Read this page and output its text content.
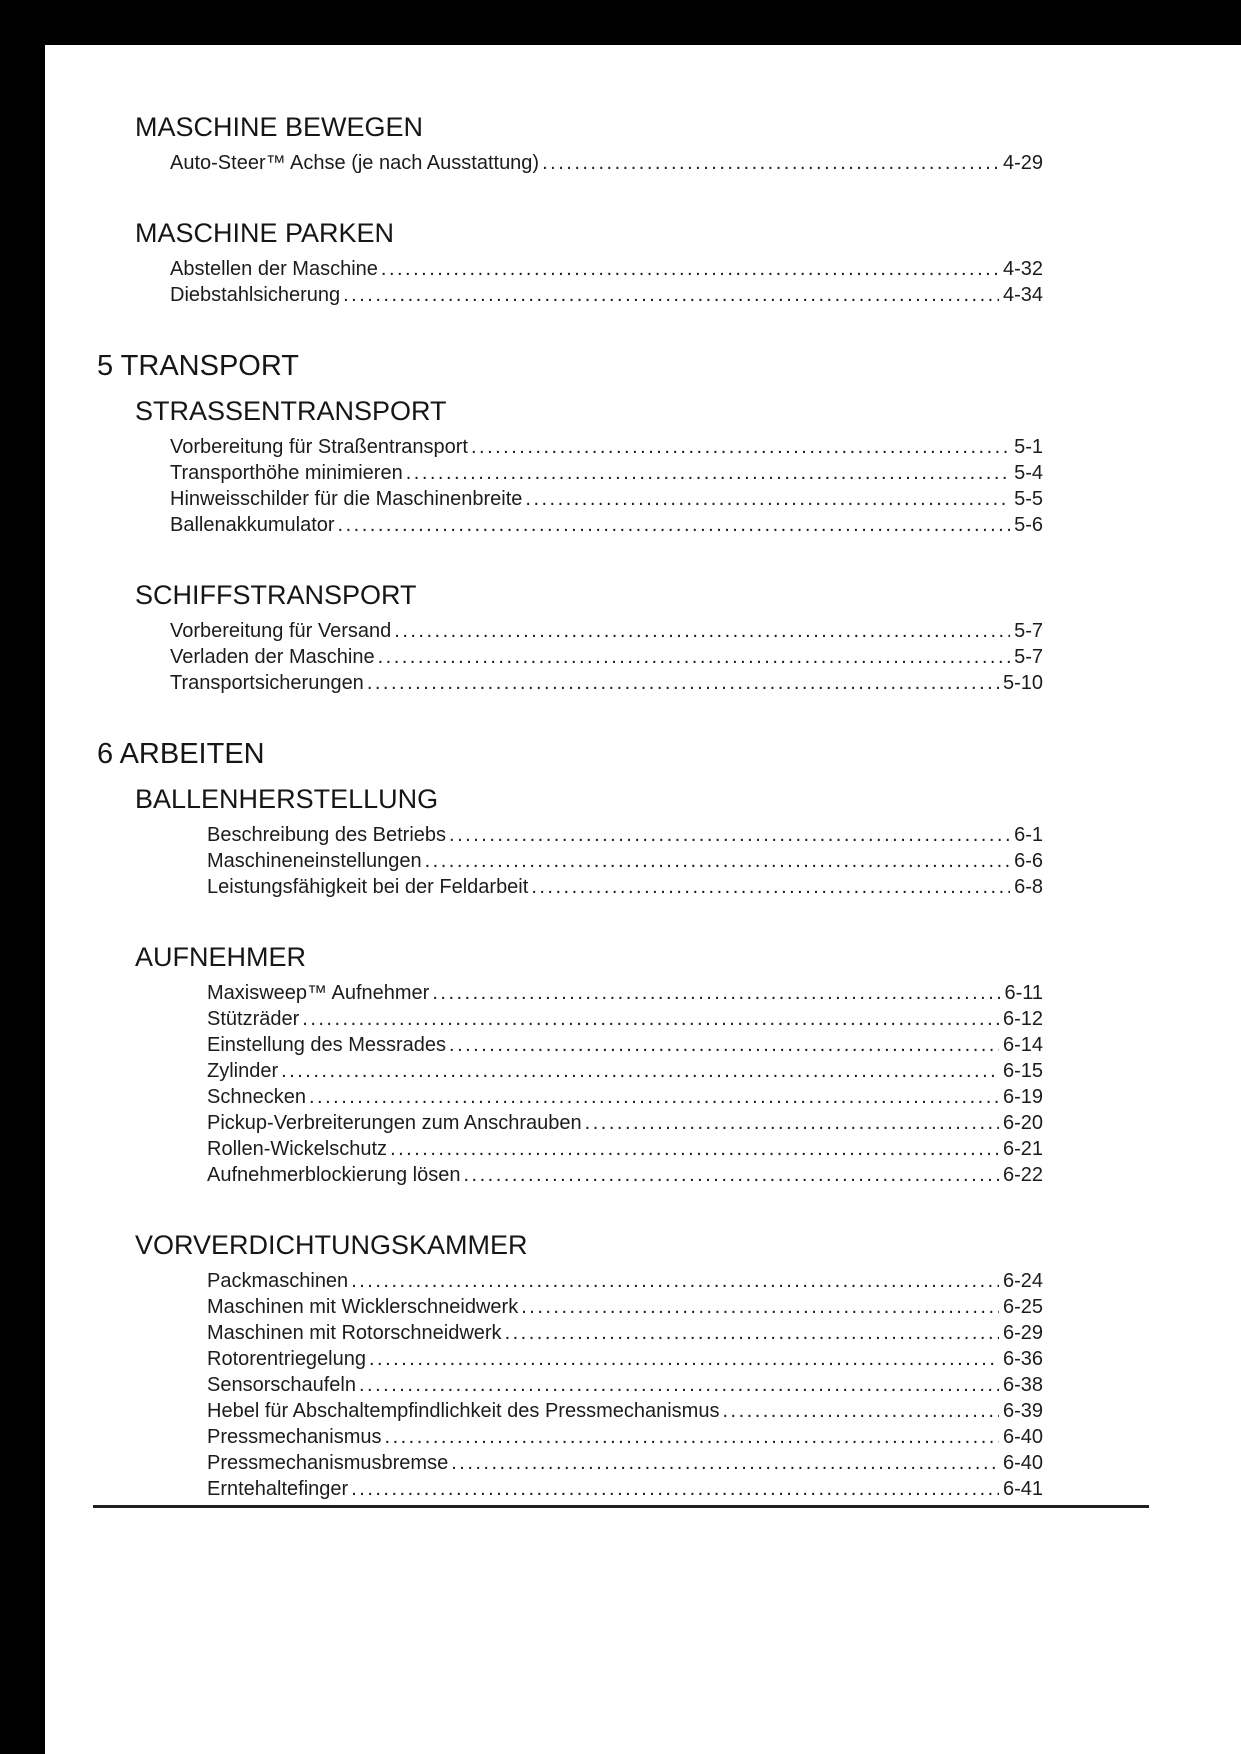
MASCHINE BEWEGEN
Auto-Steer™ Achse (je nach Ausstattung) .....	4-29
MASCHINE PARKEN
Abstellen der Maschine .....	4-32
Diebstahlsicherung .....	4-34
5 TRANSPORT
STRASSENTRANSPORT
Vorbereitung für Straßentransport .....	5-1
Transporthöhe minimieren .....	5-4
Hinweisschilder für die Maschinenbreite .....	5-5
Ballenakkumulator .....	5-6
SCHIFFSTRANSPORT
Vorbereitung für Versand .....	5-7
Verladen der Maschine .....	5-7
Transportsicherungen .....	5-10
6 ARBEITEN
BALLENHERSTELLUNG
Beschreibung des Betriebs .....	6-1
Maschineneinstellungen .....	6-6
Leistungsfähigkeit bei der Feldarbeit .....	6-8
AUFNEHMER
Maxisweep™ Aufnehmer .....	6-11
Stützräder .....	6-12
Einstellung des Messrades .....	6-14
Zylinder .....	6-15
Schnecken .....	6-19
Pickup-Verbreiterungen zum Anschrauben .....	6-20
Rollen-Wickelschutz .....	6-21
Aufnehmerblockierung lösen .....	6-22
VORVERDICHTUNGSKAMMER
Packmaschinen .....	6-24
Maschinen mit Wicklerschneidwerk .....	6-25
Maschinen mit Rotorschneidwerk .....	6-29
Rotorentriegelung .....	6-36
Sensorschaufeln .....	6-38
Hebel für Abschaltempfindlichkeit des Pressmechanismus .....	6-39
Pressmechanismus .....	6-40
Pressmechanismusbremse .....	6-40
Erntehaltefinger .....	6-41
